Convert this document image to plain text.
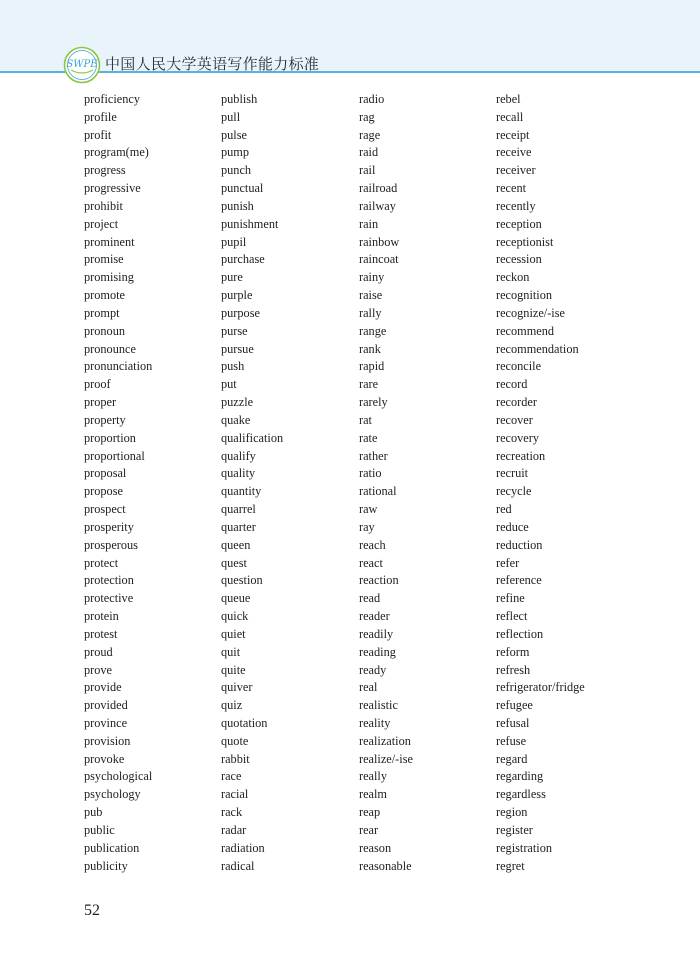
SWPE 中国人民大学英语写作能力标准
proficiency
profile
profit
program(me)
progress
progressive
prohibit
project
prominent
promise
promising
promote
prompt
pronoun
pronounce
pronunciation
proof
proper
property
proportion
proportional
proposal
propose
prospect
prosperity
prosperous
protect
protection
protective
protein
protest
proud
prove
provide
provided
province
provision
provoke
psychological
psychology
pub
public
publication
publicity
publish
pull
pulse
pump
punch
punctual
punish
punishment
pupil
purchase
pure
purple
purpose
purse
pursue
push
put
puzzle
quake
qualification
qualify
quality
quantity
quarrel
quarter
queen
quest
question
queue
quick
quiet
quit
quite
quiver
quiz
quotation
quote
rabbit
race
racial
rack
radar
radiation
radical
radio
rag
rage
raid
rail
railroad
railway
rain
rainbow
raincoat
rainy
raise
rally
range
rank
rapid
rare
rarely
rat
rate
rather
ratio
rational
raw
ray
reach
react
reaction
read
reader
readily
reading
ready
real
realistic
reality
realization
realize/-ise
really
realm
reap
rear
reason
reasonable
rebel
recall
receipt
receive
receiver
recent
recently
reception
receptionist
recession
reckon
recognition
recognize/-ise
recommend
recommendation
reconcile
record
recorder
recover
recovery
recreation
recruit
recycle
red
reduce
reduction
refer
reference
refine
reflect
reflection
reform
refresh
refrigerator/fridge
refugee
refusal
refuse
regard
regarding
regardless
region
register
registration
regret
52
